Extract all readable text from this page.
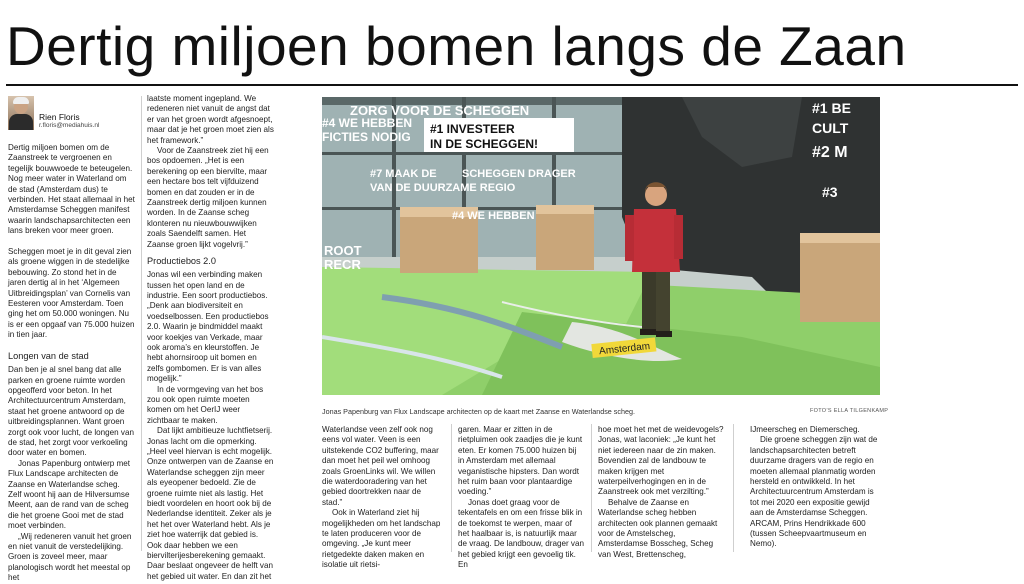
Dertig miljoen bomen langs de Zaan
Rien Floris
r.floris@mediahuis.nl

Dertig miljoen bomen om de Zaanstreek te vergroenen en tegelijk bouwwoede te beteugelen. Nog meer water in Waterland om de stad (Amsterdam dus) te verbinden. Het staat allemaal in het Amsterdamse Scheggen manifest waarin landschapsarchitecten een lans breken voor meer groen.

Scheggen moet je in dit geval zien als groene wiggen in de stedelijke bebouwing. Zo stond het in de jaren dertig al in het ‘Algemeen Uitbreidingsplan’ van Cornelis van Eesteren voor Amsterdam. Toen ging het om 50.000 woningen. Nu is er een opgaaf van 75.000 huizen in tien jaar.

Longen van de stad

Dan ben je al snel bang dat alle parken en groene ruimte worden opgeofferd voor beton. In het Architectuurcentrum Amsterdam, staat het groene antwoord op de uitbreidingsplannen. Want groen zorgt ook voor lucht, de longen van de stad, het zorgt voor verkoeling door water en bomen.

Jonas Papenburg ontwierp met Flux Landscape architecten de Zaanse en Waterlandse scheg. Zelf woont hij aan de Hilversumse Meent, aan de rand van de scheg die het groene Gooi met de stad moet verbinden.

„Wij redeneren vanuit het groen en niet vanuit de verstedelijking. Groen is zoveel meer, maar planologisch wordt het meestal op het

laatste moment ingepland. We redeneren niet vanuit de angst dat er van het groen wordt afgesnoept, maar dat je het groen moet zien als het framework.”

Voor de Zaanstreek ziet hij een bos opdoemen. „Het is een berekening op een biervilte, maar een hectare bos telt vijfduizend bomen en dat zouden er in de Zaanstreek dertig miljoen kunnen worden. In de Zaanse scheg klonteren nu nieuwbouwwijken zoals Saendelft samen. Het Zaanse groen lijkt vogelvrij.”

Productiebos 2.0

Jonas wil een verbinding maken tussen het open land en de industrie. Een soort productiebos. „Denk aan biodiversiteit en voedselbossen. Een productiebos 2.0. Waarin je bindmiddel maakt voor koekjes van Verkade, maar ook aroma’s en kleurstoffen. Je hebt ahornsiroop uit bomen en zelfs gombomen. Er is van alles mogelijk.”

In de vormgeving van het bos zou ook open ruimte moeten komen om het OerIJ weer zichtbaar te maken.

Dat lijkt ambitieuze luchtfietserij. Jonas lacht om die opmerking. „Heel veel hiervan is echt mogelijk. Onze ontwerpen van de Zaanse en Waterlandse scheggen zijn meer als eyeopener bedoeld. Zie de groene ruimte niet als lastig. Het biedt voordelen en hoort ook bij de Nederlandse identiteit. Zeker als je het het over Waterland hebt. Als je ziet hoe waterrijk dat gebied is. Ook daar hebben we een biervilterijesberekening gemaakt. Daar beslaat ongeveer de helft van het gebied uit water. En dan zit het

ZORG VOOR DE SCHEGGEN
#4 WE HEBBEN
FICTIES NODIG
#1 INVESTEER
IN DE SCHEGGEN!
#7 MAAK DE SCHEGGEN DRAGER
VAN DE DUURZAME REGIO
#4 WE HEBBEN
#1 BE
CULT
#2 M
#3
ROOT
RECR
Amsterdam
Jonas Papenburg van Flux Landscape architecten op de kaart met Zaanse en Waterlandse scheg.	FOTO’S ELLA TILGENKAMP

Waterlandse veen zelf ook nog eens vol water. Veen is een uitstekende CO2 buffering, maar dan moet het peil wel omhoog zoals GroenLinks wil. We willen die waterdooradering van het gebied doortrekken naar de stad.”

Ook in Waterland ziet hij mogelijkheden om het landschap te laten produceren voor de omgeving. „Je kunt meer rietgedekte daken maken en isolatie uit rietsi-

garen. Maar er zitten in de rietpluimen ook zaadjes die je kunt eten. Er komen 75.000 huizen bij in Amsterdam met allemaal veganistische hipsters. Dan wordt het ruim baan voor plantaardige voeding.”

Jonas doet graag voor de tekentafels en om een frisse blik in de toekomst te werpen, maar of het haalbaar is, is natuurlijk maar de vraag. De landbouw, drager van het gebied krijgt een gevoelig tik. En

hoe moet het met de weidevogels? Jonas, wat laconiek: „Je kunt het niet iedereen naar de zin maken. Bovendien zal de landbouw te maken krijgen met waterpeilverhogingen en in de Zaanstreek ook met verzilting.”

Behalve de Zaanse en Waterlandse scheg hebben architecten ook plannen gemaakt voor de Amstelscheg, Amsterdamse Bosscheg, Scheg van West, Brettenscheg,

IJmeerscheg en Diemerscheg.

Die groene scheggen zijn wat de landschapsarchitecten betreft duurzame dragers van de regio en moeten allemaal planmatig worden hersteld en ontwikkeld. In het Architectuurcentrum Amsterdam is tot mei 2020 een expositie gewijd aan de Amsterdamse Scheggen. ARCAM, Prins Hendrikkade 600 (tussen Scheepvaartmuseum en Nemo).
